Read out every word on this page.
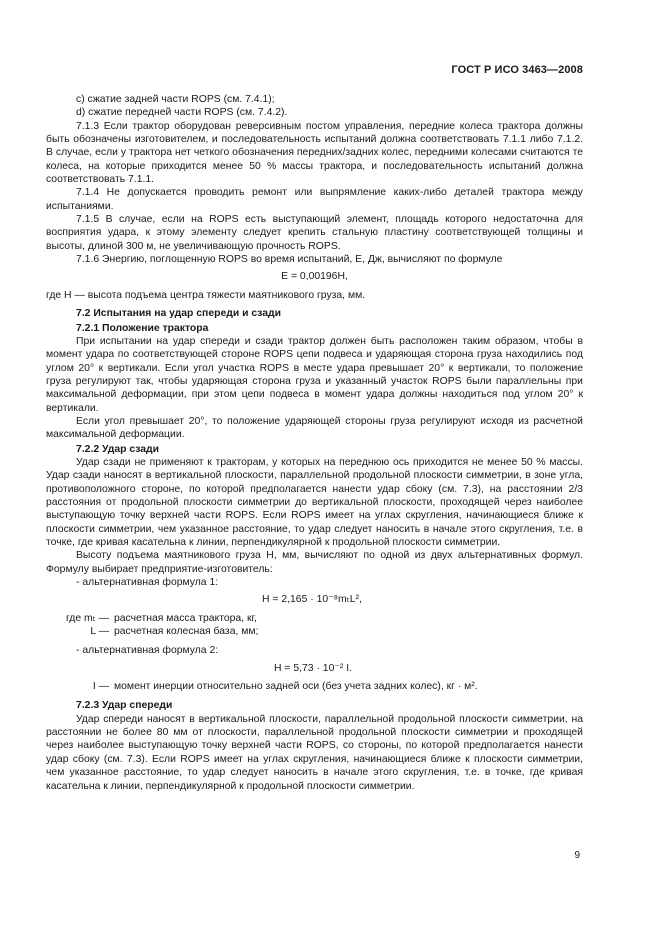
ГОСТ Р ИСО 3463—2008

c) сжатие задней части ROPS (см. 7.4.1);

d) сжатие передней части ROPS (см. 7.4.2).

7.1.3 Если трактор оборудован реверсивным постом управления, передние колеса трактора должны быть обозначены изготовителем, и последовательность испытаний должна соответствовать 7.1.1 либо 7.1.2. В случае, если у трактора нет четкого обозначения передних/задних колес, передними колесами считаются те колеса, на которые приходится менее 50 % массы трактора, и последовательность испытаний должна соответствовать 7.1.1.

7.1.4 Не допускается проводить ремонт или выпрямление каких-либо деталей трактора между испытаниями.

7.1.5 В случае, если на ROPS есть выступающий элемент, площадь которого недостаточна для восприятия удара, к этому элементу следует крепить стальную пластину соответствующей толщины и высоты, длиной 300 м, не увеличивающую прочность ROPS.

7.1.6 Энергию, поглощенную ROPS во время испытаний, E, Дж, вычисляют по формуле

E = 0,00196H,

где H — высота подъема центра тяжести маятникового груза, мм.

7.2 Испытания на удар спереди и сзади
7.2.1 Положение трактора

При испытании на удар спереди и сзади трактор должен быть расположен таким образом, чтобы в момент удара по соответствующей стороне ROPS цепи подвеса и ударяющая сторона груза находились под углом 20° к вертикали. Если угол участка ROPS в месте удара превышает 20° к вертикали, то положение груза регулируют так, чтобы ударяющая сторона груза и указанный участок ROPS были параллельны при максимальной деформации, при этом цепи подвеса в момент удара должны находиться под углом 20° к вертикали.

Если угол превышает 20°, то положение ударяющей стороны груза регулируют исходя из расчетной максимальной деформации.

7.2.2 Удар сзади

Удар сзади не применяют к тракторам, у которых на переднюю ось приходится не менее 50 % массы. Удар сзади наносят в вертикальной плоскости, параллельной продольной плоскости симметрии, в зоне угла, противоположного стороне, по которой предполагается нанести удар сбоку (см. 7.3), на расстоянии 2/3 расстояния от продольной плоскости симметрии до вертикальной плоскости, проходящей через наиболее выступающую точку верхней части ROPS. Если ROPS имеет на углах скругления, начинающиеся ближе к плоскости симметрии, чем указанное расстояние, то удар следует наносить в начале этого скругления, т.е. в точке, где кривая касательна к линии, перпендикулярной к продольной плоскости симметрии.

Высоту подъема маятникового груза H, мм, вычисляют по одной из двух альтернативных формул. Формулу выбирает предприятие-изготовитель:

- альтернативная формула 1:

H = 2,165 · 10⁻⁸mₜL²,

где mₜ — расчетная масса трактора, кг,
L — расчетная колесная база, мм;

- альтернативная формула 2:

H = 5,73 · 10⁻² I.

I — момент инерции относительно задней оси (без учета задних колес), кг · м².
7.2.3 Удар спереди

Удар спереди наносят в вертикальной плоскости, параллельной продольной плоскости симметрии, на расстоянии не более 80 мм от плоскости, параллельной продольной плоскости симметрии и проходящей через наиболее выступающую точку верхней части ROPS, со стороны, по которой предполагается нанести удар сбоку (см. 7.3). Если ROPS имеет на углах скругления, начинающиеся ближе к плоскости симметрии, чем указанное расстояние, то удар следует наносить в начале этого скругления, т.е. в точке, где кривая касательна к линии, перпендикулярной к продольной плоскости симметрии.

9
